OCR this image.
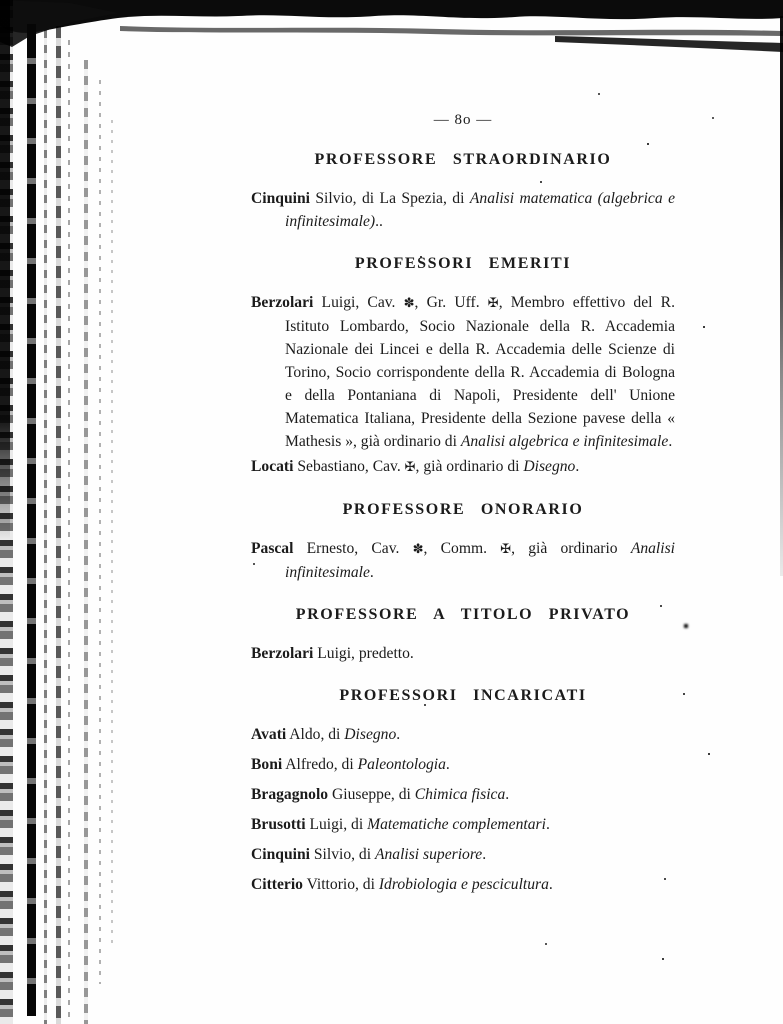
— 8o —
PROFESSORE STRAORDINARIO

Cinquini Silvio, di La Spezia, di Analisi matematica (algebrica e infinitesimale)..

PROFESSORI EMERITI

Berzolari Luigi, Cav. ✽, Gr. Uff. ✠, Membro effettivo del R. Istituto Lombardo, Socio Nazionale della R. Accademia Nazionale dei Lincei e della R. Accademia delle Scienze di Torino, Socio corrispondente della R. Accademia di Bologna e della Pontaniana di Napoli, Presidente dell' Unione Matematica Italiana, Presidente della Sezione pavese della « Mathesis », già ordinario di Analisi algebrica e infinitesimale.

Locati Sebastiano, Cav. ✠, già ordinario di Disegno.

PROFESSORE ONORARIO

Pascal Ernesto, Cav. ✽, Comm. ✠, già ordinario Analisi infinitesimale.

PROFESSORE A TITOLO PRIVATO

Berzolari Luigi, predetto.

PROFESSORI INCARICATI

Avati Aldo, di Disegno.

Boni Alfredo, di Paleontologia.

Bragagnolo Giuseppe, di Chimica fisica.

Brusotti Luigi, di Matematiche complementari.

Cinquini Silvio, di Analisi superiore.

Citterio Vittorio, di Idrobiologia e pescicultura.
